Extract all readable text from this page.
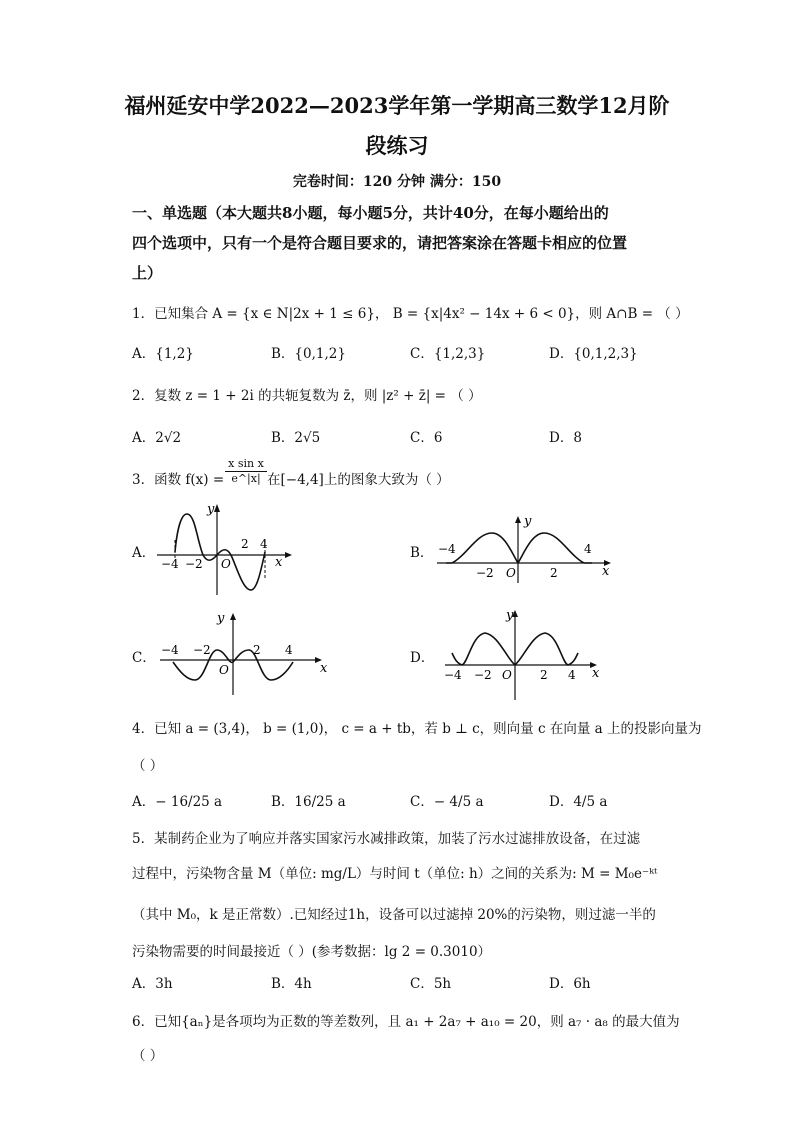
福州延安中学2022—2023学年第一学期高三数学12月阶
段练习
完卷时间：120 分钟 满分：150
一、单选题（本大题共8小题，每小题5分，共计40分，在每小题给出的
四个选项中，只有一个是符合题目要求的，请把答案涂在答题卡相应的位置
上）
1．已知集合 A = {x ∈ N|2x + 1 ≤ 6}， B = {x|4x² − 14x + 6 < 0}，则 A∩B = （ ）
A．{1,2}	B．{0,1,2}	C．{1,2,3}	D．{0,1,2,3}
2．复数 z = 1 + 2i 的共轭复数为 z̄，则 |z² + z̄| = （ ）
A．2√2	B．2√5	C．6	D．8
3．函数 $f(x) = \frac{\text{x sin x}}{e\^{}|x|}$ 在[−4,4]上的图象大致为（ ）
A．	B．
C．	D．
y
x
−4 −2 O
2 4
y
x
−4
−2 O	2
4
y
x
−4 −2
O
2 4
y
x
−4 −2 O 2 4
4．已知 a = (3,4)， b = (1,0)， c = a + tb，若 b ⊥ c，则向量 c 在向量 a 上的投影向量为
（ ）
A．− 16/25 a	B．16/25 a	C．− 4/5 a	D．4/5 a
5．某制药企业为了响应并落实国家污水减排政策，加装了污水过滤排放设备，在过滤
过程中，污染物含量 M（单位: mg/L）与时间 t（单位: h）之间的关系为: M = M₀e⁻ᵏᵗ
（其中 M₀，k 是正常数）.已知经过1h，设备可以过滤掉 20%的污染物，则过滤一半的
污染物需要的时间最接近（ ）(参考数据：lg 2 = 0.3010）
A．3h	B．4h	C．5h	D．6h
6．已知{aₙ}是各项均为正数的等差数列，且 a₁ + 2a₇ + a₁₀ = 20，则 a₇ · a₈ 的最大值为
（ ）
